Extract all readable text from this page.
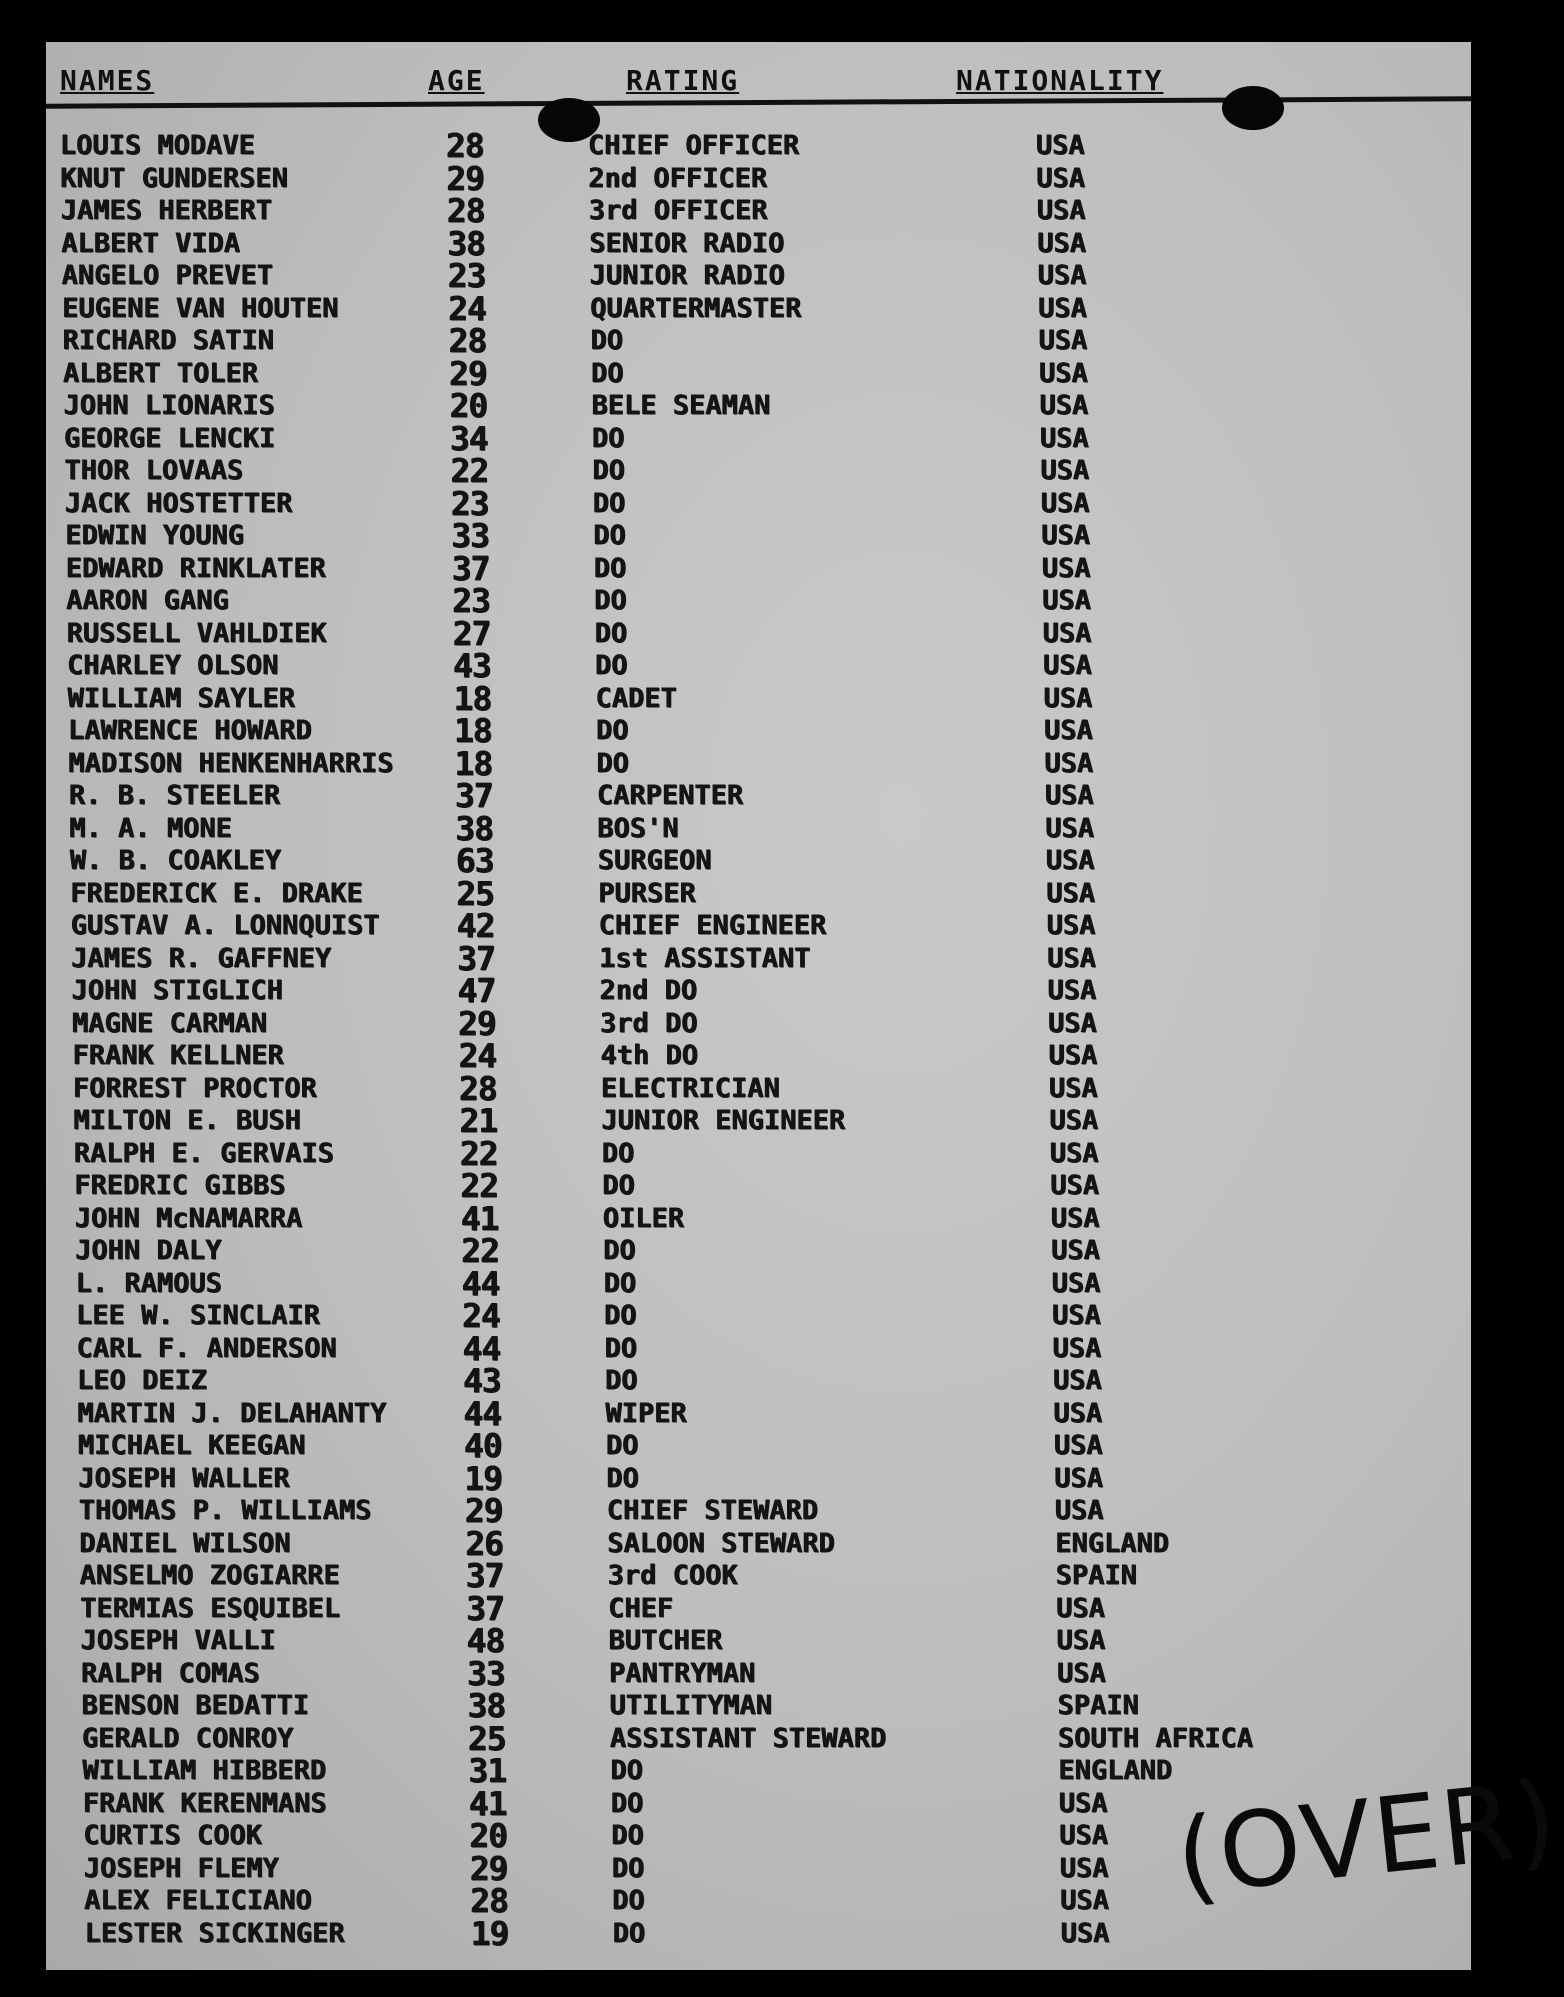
NAMES	AGE	RATING	NATIONALITY
LOUIS MODAVE	28	CHIEF OFFICER	USA
KNUT GUNDERSEN	29	2nd OFFICER	USA
JAMES HERBERT	28	3rd OFFICER	USA
ALBERT VIDA	38	SENIOR RADIO	USA
ANGELO PREVET	23	JUNIOR RADIO	USA
EUGENE VAN HOUTEN	24	QUARTERMASTER	USA
RICHARD SATIN	28	DO	USA
ALBERT TOLER	29	DO	USA
JOHN LIONARIS	20	BELE SEAMAN	USA
GEORGE LENCKI	34	DO	USA
THOR LOVAAS	22	DO	USA
JACK HOSTETTER	23	DO	USA
EDWIN YOUNG	33	DO	USA
EDWARD RINKLATER	37	DO	USA
AARON GANG	23	DO	USA
RUSSELL VAHLDIEK	27	DO	USA
CHARLEY OLSON	43	DO	USA
WILLIAM SAYLER	18	CADET	USA
LAWRENCE HOWARD	18	DO	USA
MADISON HENKENHARRIS 18	DO	USA
R. B. STEELER	37	CARPENTER	USA
M. A. MONE	38	BOS'N	USA
W. B. COAKLEY	63	SURGEON	USA
FREDERICK E. DRAKE	25	PURSER	USA
GUSTAV A. LONNQUIST 42	CHIEF ENGINEER	USA
JAMES R. GAFFNEY	37	1st ASSISTANT	USA
JOHN STIGLICH	47	2nd DO	USA
MAGNE CARMAN	29	3rd DO	USA
FRANK KELLNER	24	4th DO	USA
FORREST PROCTOR	28	ELECTRICIAN	USA
MILTON E. BUSH	21	JUNIOR ENGINEER	USA
RALPH E. GERVAIS	22	DO	USA
FREDRIC GIBBS	22	DO	USA
JOHN McNAMARRA	41	OILER	USA
JOHN DALY	22	DO	USA
L. RAMOUS	44	DO	USA
LEE W. SINCLAIR	24	DO	USA
CARL F. ANDERSON	44	DO	USA
LEO DEIZ	43	DO	USA
MARTIN J. DELAHANTY 44	WIPER	USA
MICHAEL KEEGAN	40	DO	USA
JOSEPH WALLER	19	DO	USA
THOMAS P. WILLIAMS	29	CHIEF STEWARD	USA
DANIEL WILSON	26	SALOON STEWARD	ENGLAND
ANSELMO ZOGIARRE	37	3rd COOK	SPAIN
TERMIAS ESQUIBEL	37	CHEF	USA
JOSEPH VALLI	48	BUTCHER	USA
RALPH COMAS	33	PANTRYMAN	USA
BENSON BEDATTI	38	UTILITYMAN	SPAIN
GERALD CONROY	25	ASSISTANT STEWARD	SOUTH AFRICA
WILLIAM HIBBERD	31	DO	ENGLAND
FRANK KERENMANS	41	DO	USA
CURTIS COOK	20	DO	USA
JOSEPH FLEMY	29	DO	USA
ALEX FELICIANO	28	DO	USA
LESTER SICKINGER	19	DO	USA
(OVER)
